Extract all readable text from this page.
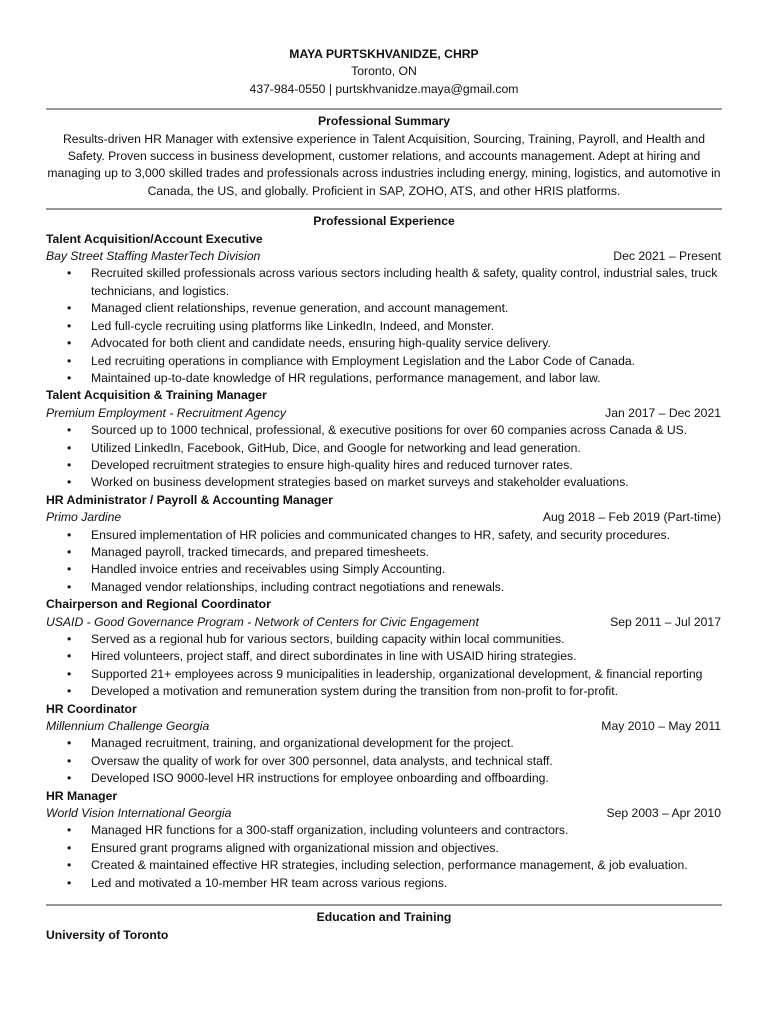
MAYA PURTSKHVANIDZE, CHRP
Toronto, ON
437-984-0550 | purtskhvanidze.maya@gmail.com
Professional Summary
Results-driven HR Manager with extensive experience in Talent Acquisition, Sourcing, Training, Payroll, and Health and Safety. Proven success in business development, customer relations, and accounts management. Adept at hiring and managing up to 3,000 skilled trades and professionals across industries including energy, mining, logistics, and automotive in Canada, the US, and globally. Proficient in SAP, ZOHO, ATS, and other HRIS platforms.
Professional Experience
Talent Acquisition/Account Executive
Bay Street Staffing MasterTech Division	Dec 2021 – Present
• Recruited skilled professionals across various sectors including health & safety, quality control, industrial sales, truck technicians, and logistics.
• Managed client relationships, revenue generation, and account management.
• Led full-cycle recruiting using platforms like LinkedIn, Indeed, and Monster.
• Advocated for both client and candidate needs, ensuring high-quality service delivery.
• Led recruiting operations in compliance with Employment Legislation and the Labor Code of Canada.
• Maintained up-to-date knowledge of HR regulations, performance management, and labor law.
Talent Acquisition & Training Manager
Premium Employment - Recruitment Agency	Jan 2017 – Dec 2021
• Sourced up to 1000 technical, professional, & executive positions for over 60 companies across Canada & US.
• Utilized LinkedIn, Facebook, GitHub, Dice, and Google for networking and lead generation.
• Developed recruitment strategies to ensure high-quality hires and reduced turnover rates.
• Worked on business development strategies based on market surveys and stakeholder evaluations.
HR Administrator / Payroll & Accounting Manager
Primo Jardine	Aug 2018 – Feb 2019 (Part-time)
• Ensured implementation of HR policies and communicated changes to HR, safety, and security procedures.
• Managed payroll, tracked timecards, and prepared timesheets.
• Handled invoice entries and receivables using Simply Accounting.
• Managed vendor relationships, including contract negotiations and renewals.
Chairperson and Regional Coordinator
USAID - Good Governance Program - Network of Centers for Civic Engagement	Sep 2011 – Jul 2017
• Served as a regional hub for various sectors, building capacity within local communities.
• Hired volunteers, project staff, and direct subordinates in line with USAID hiring strategies.
• Supported 21+ employees across 9 municipalities in leadership, organizational development, & financial reporting
• Developed a motivation and remuneration system during the transition from non-profit to for-profit.
HR Coordinator
Millennium Challenge Georgia	May 2010 – May 2011
• Managed recruitment, training, and organizational development for the project.
• Oversaw the quality of work for over 300 personnel, data analysts, and technical staff.
• Developed ISO 9000-level HR instructions for employee onboarding and offboarding.
HR Manager
World Vision International Georgia	Sep 2003 – Apr 2010
• Managed HR functions for a 300-staff organization, including volunteers and contractors.
• Ensured grant programs aligned with organizational mission and objectives.
• Created & maintained effective HR strategies, including selection, performance management, & job evaluation.
• Led and motivated a 10-member HR team across various regions.
Education and Training
University of Toronto
